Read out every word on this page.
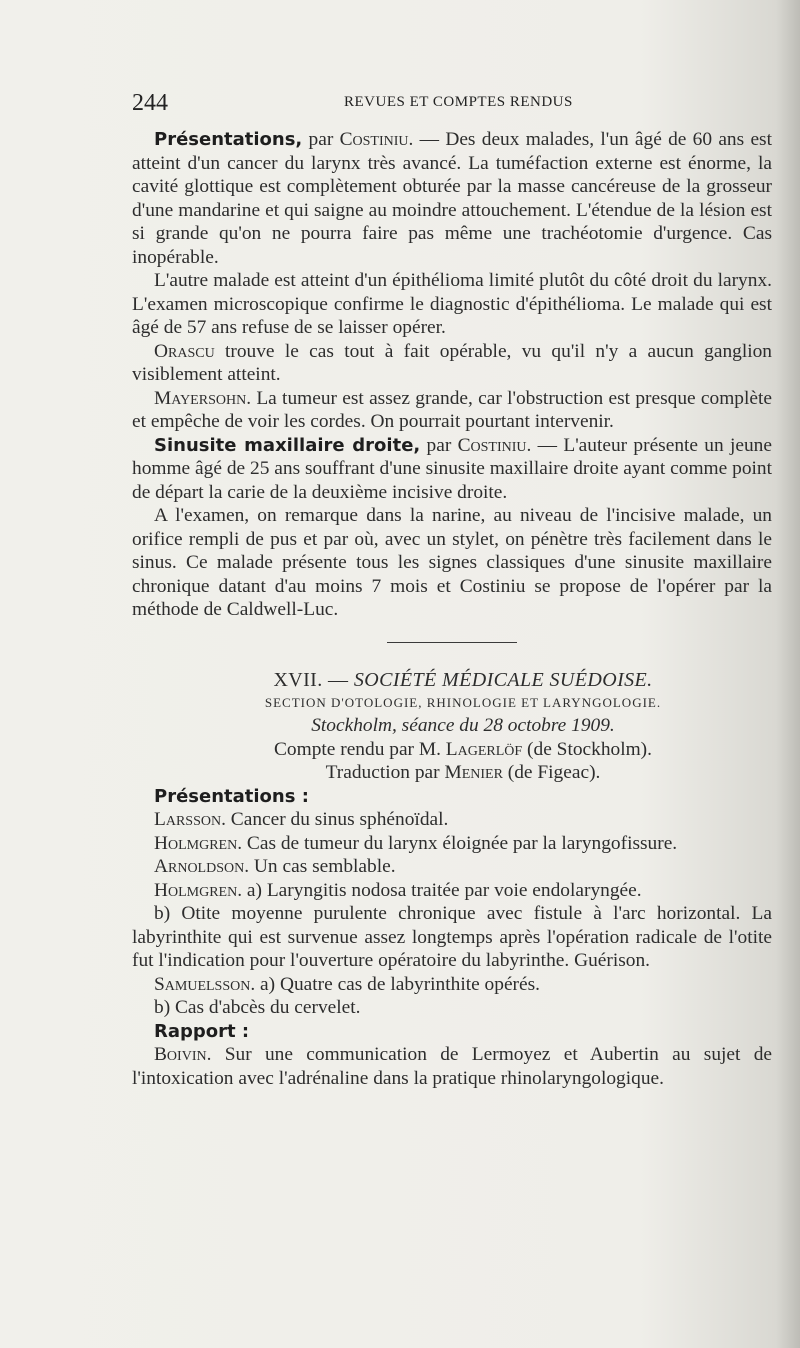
244	REVUES ET COMPTES RENDUS

Présentations, par Costiniu. — Des deux malades, l'un âgé de 60 ans est atteint d'un cancer du larynx très avancé. La tuméfaction externe est énorme, la cavité glottique est complètement obturée par la masse cancéreuse de la grosseur d'une mandarine et qui saigne au moindre attouchement. L'étendue de la lésion est si grande qu'on ne pourra faire pas même une trachéotomie d'urgence. Cas inopérable.

L'autre malade est atteint d'un épithélioma limité plutôt du côté droit du larynx. L'examen microscopique confirme le diagnostic d'épithélioma. Le malade qui est âgé de 57 ans refuse de se laisser opérer.

Orascu trouve le cas tout à fait opérable, vu qu'il n'y a aucun ganglion visiblement atteint.

Mayersohn. La tumeur est assez grande, car l'obstruction est presque complète et empêche de voir les cordes. On pourrait pourtant intervenir.

Sinusite maxillaire droite, par Costiniu. — L'auteur présente un jeune homme âgé de 25 ans souffrant d'une sinusite maxillaire droite ayant comme point de départ la carie de la deuxième incisive droite.

A l'examen, on remarque dans la narine, au niveau de l'incisive malade, un orifice rempli de pus et par où, avec un stylet, on pénètre très facilement dans le sinus. Ce malade présente tous les signes classiques d'une sinusite maxillaire chronique datant d'au moins 7 mois et Costiniu se propose de l'opérer par la méthode de Caldwell-Luc.

XVII. — SOCIÉTÉ MÉDICALE SUÉDOISE.

SECTION D'OTOLOGIE, RHINOLOGIE ET LARYNGOLOGIE.

Stockholm, séance du 28 octobre 1909.

Compte rendu par M. Lagerlöf (de Stockholm).

Traduction par Menier (de Figeac).

Présentations :

Larsson. Cancer du sinus sphénoïdal.

Holmgren. Cas de tumeur du larynx éloignée par la laryngofissure.

Arnoldson. Un cas semblable.

Holmgren. a) Laryngitis nodosa traitée par voie endolaryngée.

b) Otite moyenne purulente chronique avec fistule à l'arc horizontal. La labyrinthite qui est survenue assez longtemps après l'opération radicale de l'otite fut l'indication pour l'ouverture opératoire du labyrinthe. Guérison.

Samuelsson. a) Quatre cas de labyrinthite opérés.

b) Cas d'abcès du cervelet.

Rapport :

Boivin. Sur une communication de Lermoyez et Aubertin au sujet de l'intoxication avec l'adrénaline dans la pratique rhinolaryngologique.
